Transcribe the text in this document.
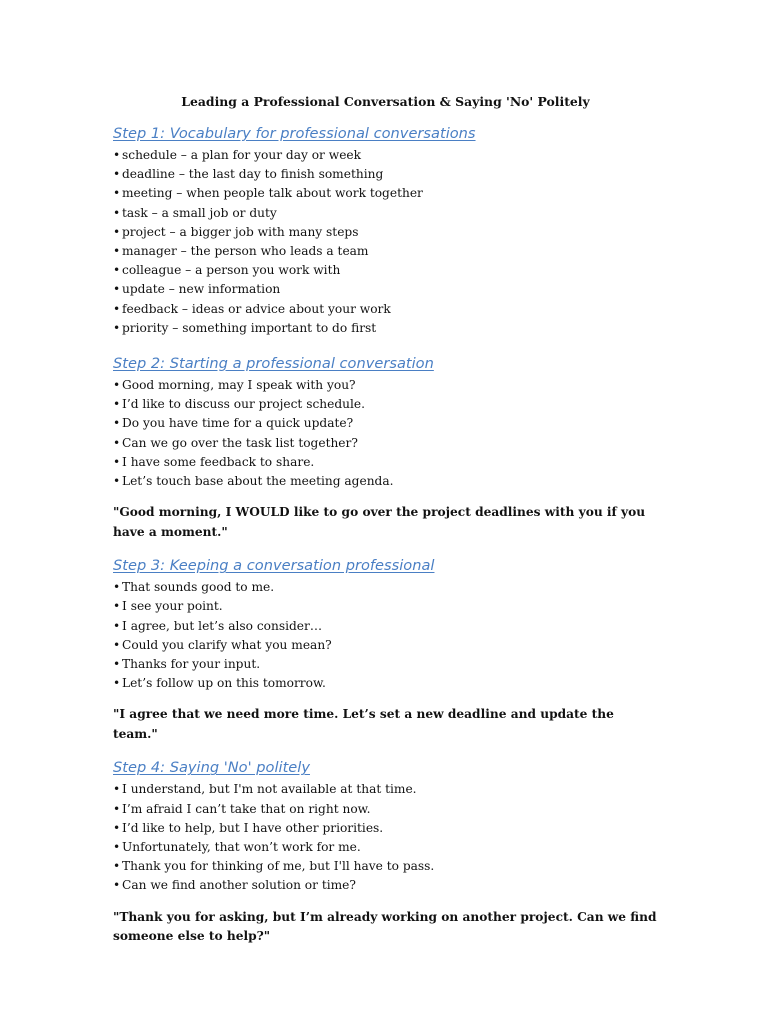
Leading a Professional Conversation & Saying 'No' Politely
Step 1: Vocabulary for professional conversations
• schedule – a plan for your day or week
• deadline – the last day to finish something
• meeting – when people talk about work together
• task – a small job or duty
• project – a bigger job with many steps
• manager – the person who leads a team
• colleague – a person you work with
• update – new information
• feedback – ideas or advice about your work
• priority – something important to do first
Step 2: Starting a professional conversation
• Good morning, may I speak with you?
• I’d like to discuss our project schedule.
• Do you have time for a quick update?
• Can we go over the task list together?
• I have some feedback to share.
• Let’s touch base about the meeting agenda.

"Good morning, I WOULD like to go over the project deadlines with you if you have a moment."

Step 3: Keeping a conversation professional
• That sounds good to me.
• I see your point.
• I agree, but let’s also consider…
• Could you clarify what you mean?
• Thanks for your input.
• Let’s follow up on this tomorrow.

"I agree that we need more time. Let’s set a new deadline and update the team."

Step 4: Saying 'No' politely
• I understand, but I'm not available at that time.
• I’m afraid I can’t take that on right now.
• I’d like to help, but I have other priorities.
• Unfortunately, that won’t work for me.
• Thank you for thinking of me, but I'll have to pass.
• Can we find another solution or time?

"Thank you for asking, but I’m already working on another project. Can we find someone else to help?"
